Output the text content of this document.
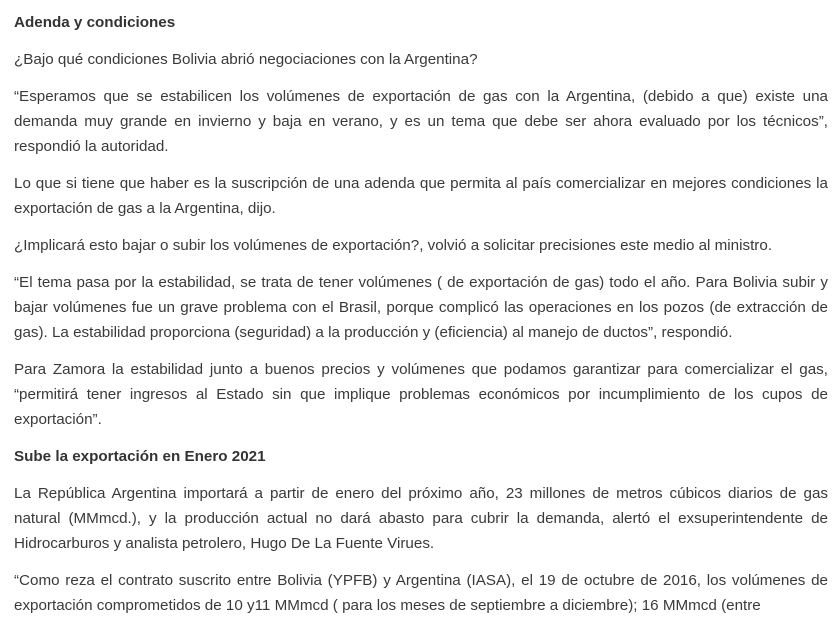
Adenda y condiciones

¿Bajo qué condiciones Bolivia abrió negociaciones con la Argentina?

“Esperamos que se estabilicen los volúmenes de exportación de gas con la Argentina, (debido a que) existe una demanda muy grande en invierno y baja en verano, y es un tema que debe ser ahora evaluado por los técnicos”, respondió la autoridad.

Lo que si tiene que haber es la suscripción de una adenda que permita al país comercializar en mejores condiciones la exportación de gas a la Argentina, dijo.

¿Implicará esto bajar o subir los volúmenes de exportación?, volvió a solicitar precisiones este medio al ministro.

“El tema pasa por la estabilidad, se trata de tener volúmenes ( de exportación de gas) todo el año. Para Bolivia subir y bajar volúmenes fue un grave problema con el Brasil, porque complicó las operaciones en los pozos (de extracción de gas). La estabilidad proporciona (seguridad) a la producción y (eficiencia) al manejo de ductos”, respondió.

Para Zamora la estabilidad junto a buenos precios y volúmenes que podamos garantizar para comercializar el gas, “permitirá tener ingresos al Estado sin que implique problemas económicos por incumplimiento de los cupos de exportación”.

Sube la exportación en Enero 2021

La República Argentina importará a partir de enero del próximo año, 23 millones de metros cúbicos diarios de gas natural (MMmcd.), y la producción actual no dará abasto para cubrir la demanda, alertó el exsuperintendente de Hidrocarburos y analista petrolero, Hugo De La Fuente Virues.

“Como reza el contrato suscrito entre Bolivia (YPFB) y Argentina (IASA), el 19 de octubre de 2016, los volúmenes de exportación comprometidos de 10 y11 MMmcd ( para los meses de septiembre a diciembre); 16 MMmcd (entre
